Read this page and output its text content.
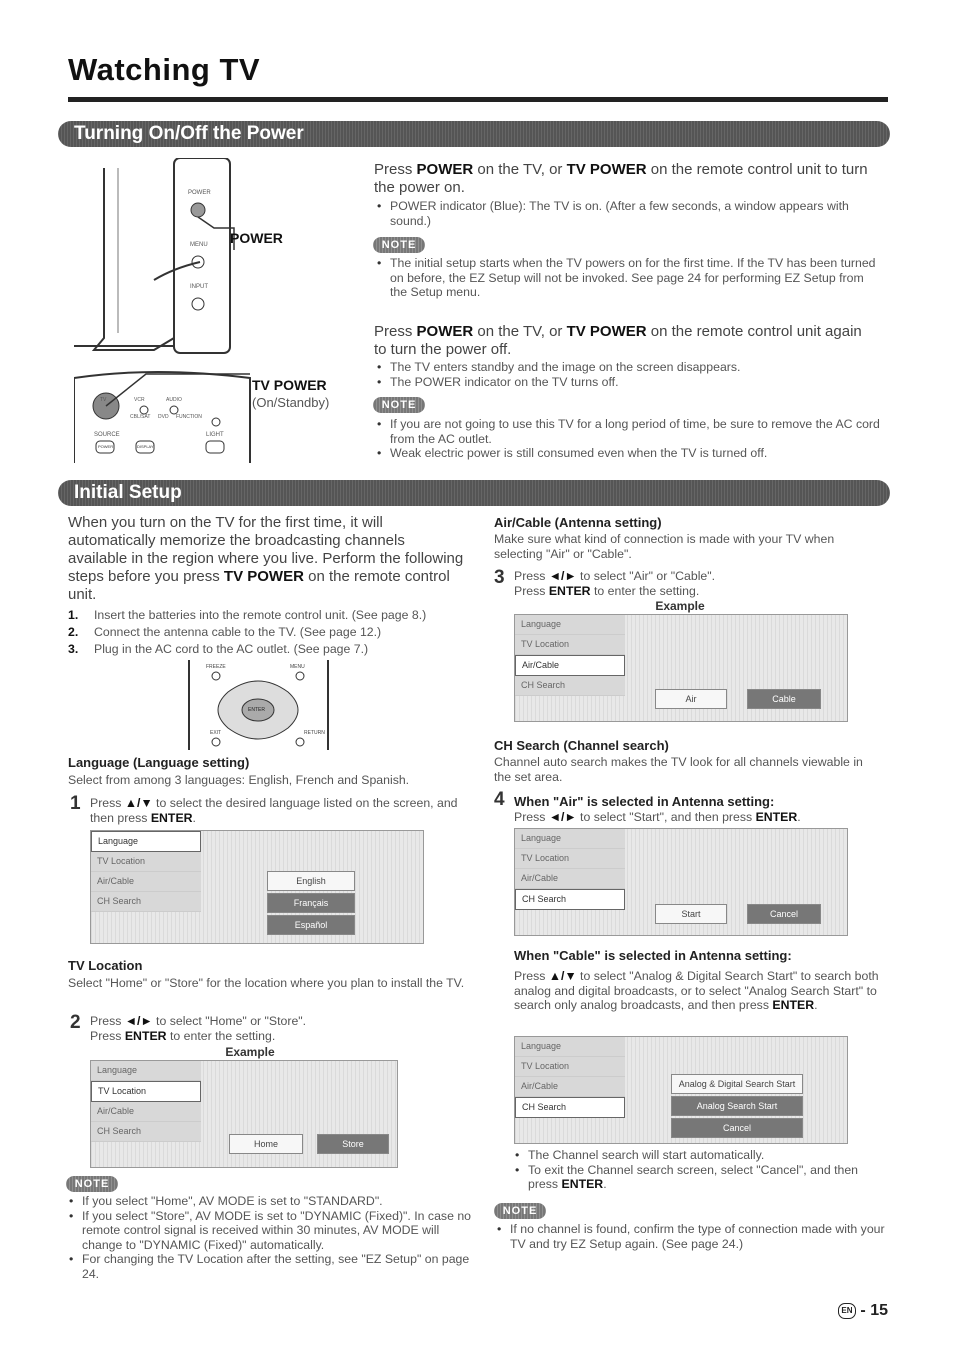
Watching TV
Turning On/Off the Power
POWER
MENU
INPUT
POWER
TV POWER
(On/Standby)
TV	VCR	AUDIO
CBL/SAT DVD FUNCTION
SOURCE	LIGHT
POWER	DISPLAY
Press POWER on the TV, or TV POWER on the remote control unit to turn the power on.
• POWER indicator (Blue): The TV is on. (After a few seconds, a window appears with sound.)
NOTE
• The initial setup starts when the TV powers on for the first time. If the TV has been turned on before, the EZ Setup will not be invoked. See page 24 for performing EZ Setup from the Setup menu.
Press POWER on the TV, or TV POWER on the remote control unit again to turn the power off.
• The TV enters standby and the image on the screen disappears.
• The POWER indicator on the TV turns off.
NOTE
• If you are not going to use this TV for a long period of time, be sure to remove the AC cord from the AC outlet.
• Weak electric power is still consumed even when the TV is turned off.
Initial Setup
When you turn on the TV for the first time, it will automatically memorize the broadcasting channels available in the region where you live. Perform the following steps before you press TV POWER on the remote control unit.
1. Insert the batteries into the remote control unit. (See page 8.)
2. Connect the antenna cable to the TV. (See page 12.)
3. Plug in the AC cord to the AC outlet. (See page 7.)
FREEZE	MENU
EXIT	RETURN
ENTER
Language (Language setting)
Select from among 3 languages: English, French and Spanish.
1 Press ▲/▼ to select the desired language listed on the screen, and then press ENTER.
Language
TV Location
Air/Cable
CH Search
English
Français
Español
TV Location
Select "Home" or "Store" for the location where you plan to install the TV.
2 Press ◄/► to select "Home" or "Store".
Press ENTER to enter the setting.
Example
Language
TV Location
Air/Cable
CH Search
Home	Store
NOTE
• If you select "Home", AV MODE is set to "STANDARD".
• If you select "Store", AV MODE is set to "DYNAMIC (Fixed)". In case no remote control signal is received within 30 minutes, AV MODE will change to "DYNAMIC (Fixed)" automatically.
• For changing the TV Location after the setting, see "EZ Setup" on page 24.
Air/Cable (Antenna setting)
Make sure what kind of connection is made with your TV when selecting "Air" or "Cable".
3 Press ◄/► to select "Air" or "Cable".
Press ENTER to enter the setting.
Example
Language
TV Location
Air/Cable
CH Search
Air	Cable
CH Search (Channel search)
Channel auto search makes the TV look for all channels viewable in the set area.
4 When "Air" is selected in Antenna setting:
Press ◄/► to select "Start", and then press ENTER.
Language
TV Location
Air/Cable
CH Search
Start	Cancel
When "Cable" is selected in Antenna setting:
Press ▲/▼ to select "Analog & Digital Search Start" to search both analog and digital broadcasts, or to select "Analog Search Start" to search only analog broadcasts, and then press ENTER.
Language
TV Location
Air/Cable
CH Search
Analog & Digital Search Start
Analog Search Start
Cancel
• The Channel search will start automatically.
• To exit the Channel search screen, select "Cancel", and then press ENTER.
NOTE
• If no channel is found, confirm the type of connection made with your TV and try EZ Setup again. (See page 24.)
EN - 15
